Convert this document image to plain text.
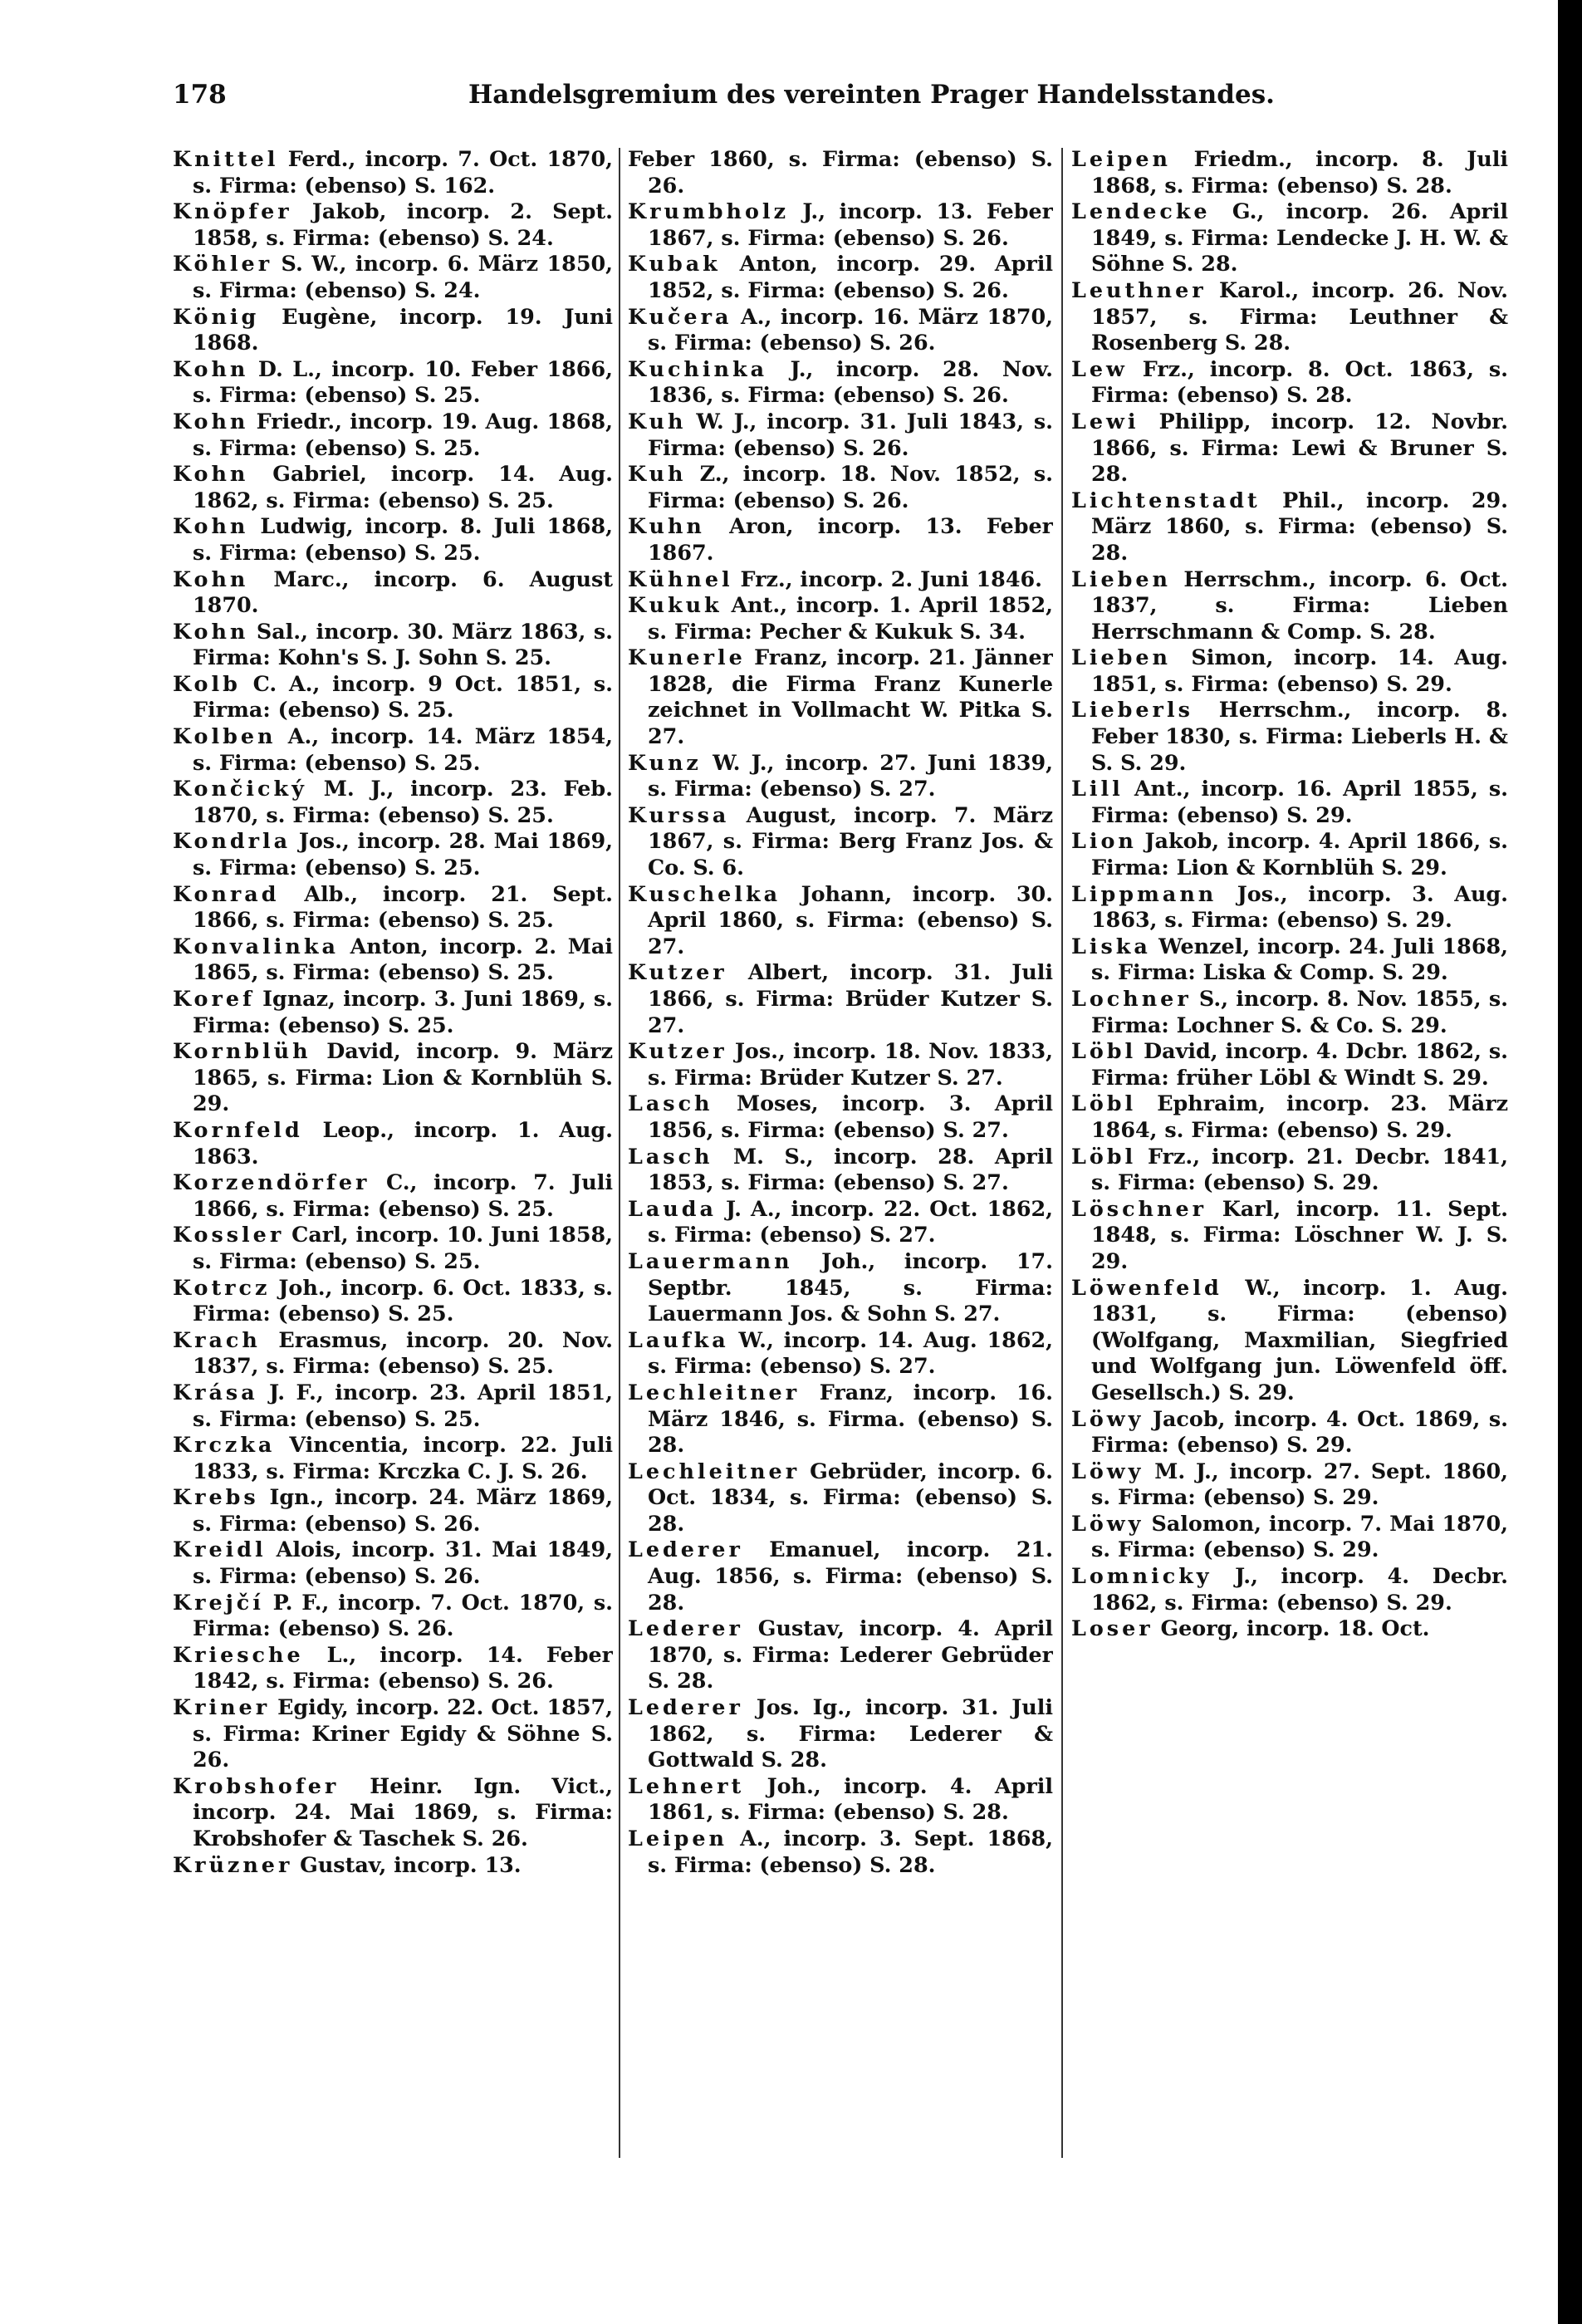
178	Handelsgremium des vereinten Prager Handelsstandes.

Knittel Ferd., incorp. 7. Oct. 1870, s. Firma: (ebenso) S. 162.

Knöpfer Jakob, incorp. 2. Sept. 1858, s. Firma: (ebenso) S. 24.

Köhler S. W., incorp. 6. März 1850, s. Firma: (ebenso) S. 24.

König Eugène, incorp. 19. Juni 1868.

Kohn D. L., incorp. 10. Feber 1866, s. Firma: (ebenso) S. 25.

Kohn Friedr., incorp. 19. Aug. 1868, s. Firma: (ebenso) S. 25.

Kohn Gabriel, incorp. 14. Aug. 1862, s. Firma: (ebenso) S. 25.

Kohn Ludwig, incorp. 8. Juli 1868, s. Firma: (ebenso) S. 25.

Kohn Marc., incorp. 6. August 1870.

Kohn Sal., incorp. 30. März 1863, s. Firma: Kohn's S. J. Sohn S. 25.

Kolb C. A., incorp. 9 Oct. 1851, s. Firma: (ebenso) S. 25.

Kolben A., incorp. 14. März 1854, s. Firma: (ebenso) S. 25.

Končický M. J., incorp. 23. Feb. 1870, s. Firma: (ebenso) S. 25.

Kondrla Jos., incorp. 28. Mai 1869, s. Firma: (ebenso) S. 25.

Konrad Alb., incorp. 21. Sept. 1866, s. Firma: (ebenso) S. 25.

Konvalinka Anton, incorp. 2. Mai 1865, s. Firma: (ebenso) S. 25.

Koref Ignaz, incorp. 3. Juni 1869, s. Firma: (ebenso) S. 25.

Kornblüh David, incorp. 9. März 1865, s. Firma: Lion & Kornblüh S. 29.

Kornfeld Leop., incorp. 1. Aug. 1863.

Korzendörfer C., incorp. 7. Juli 1866, s. Firma: (ebenso) S. 25.

Kossler Carl, incorp. 10. Juni 1858, s. Firma: (ebenso) S. 25.

Kotrcz Joh., incorp. 6. Oct. 1833, s. Firma: (ebenso) S. 25.

Krach Erasmus, incorp. 20. Nov. 1837, s. Firma: (ebenso) S. 25.

Krása J. F., incorp. 23. April 1851, s. Firma: (ebenso) S. 25.

Krczka Vincentia, incorp. 22. Juli 1833, s. Firma: Krczka C. J. S. 26.

Krebs Ign., incorp. 24. März 1869, s. Firma: (ebenso) S. 26.

Kreidl Alois, incorp. 31. Mai 1849, s. Firma: (ebenso) S. 26.

Krejčí P. F., incorp. 7. Oct. 1870, s. Firma: (ebenso) S. 26.

Kriesche L., incorp. 14. Feber 1842, s. Firma: (ebenso) S. 26.

Kriner Egidy, incorp. 22. Oct. 1857, s. Firma: Kriner Egidy & Söhne S. 26.

Krobshofer Heinr. Ign. Vict., incorp. 24. Mai 1869, s. Firma: Krobshofer & Taschek S. 26.

Krüzner Gustav, incorp. 13.

Feber 1860, s. Firma: (ebenso) S. 26.

Krumbholz J., incorp. 13. Feber 1867, s. Firma: (ebenso) S. 26.

Kubak Anton, incorp. 29. April 1852, s. Firma: (ebenso) S. 26.

Kučera A., incorp. 16. März 1870, s. Firma: (ebenso) S. 26.

Kuchinka J., incorp. 28. Nov. 1836, s. Firma: (ebenso) S. 26.

Kuh W. J., incorp. 31. Juli 1843, s. Firma: (ebenso) S. 26.

Kuh Z., incorp. 18. Nov. 1852, s. Firma: (ebenso) S. 26.

Kuhn Aron, incorp. 13. Feber 1867.

Kühnel Frz., incorp. 2. Juni 1846.

Kukuk Ant., incorp. 1. April 1852, s. Firma: Pecher & Kukuk S. 34.

Kunerle Franz, incorp. 21. Jänner 1828, die Firma Franz Kunerle zeichnet in Vollmacht W. Pitka S. 27.

Kunz W. J., incorp. 27. Juni 1839, s. Firma: (ebenso) S. 27.

Kurssa August, incorp. 7. März 1867, s. Firma: Berg Franz Jos. & Co. S. 6.

Kuschelka Johann, incorp. 30. April 1860, s. Firma: (ebenso) S. 27.

Kutzer Albert, incorp. 31. Juli 1866, s. Firma: Brüder Kutzer S. 27.

Kutzer Jos., incorp. 18. Nov. 1833, s. Firma: Brüder Kutzer S. 27.

Lasch Moses, incorp. 3. April 1856, s. Firma: (ebenso) S. 27.

Lasch M. S., incorp. 28. April 1853, s. Firma: (ebenso) S. 27.

Lauda J. A., incorp. 22. Oct. 1862, s. Firma: (ebenso) S. 27.

Lauermann Joh., incorp. 17. Septbr. 1845, s. Firma: Lauermann Jos. & Sohn S. 27.

Laufka W., incorp. 14. Aug. 1862, s. Firma: (ebenso) S. 27.

Lechleitner Franz, incorp. 16. März 1846, s. Firma. (ebenso) S. 28.

Lechleitner Gebrüder, incorp. 6. Oct. 1834, s. Firma: (ebenso) S. 28.

Lederer Emanuel, incorp. 21. Aug. 1856, s. Firma: (ebenso) S. 28.

Lederer Gustav, incorp. 4. April 1870, s. Firma: Lederer Gebrüder S. 28.

Lederer Jos. Ig., incorp. 31. Juli 1862, s. Firma: Lederer & Gottwald S. 28.

Lehnert Joh., incorp. 4. April 1861, s. Firma: (ebenso) S. 28.

Leipen A., incorp. 3. Sept. 1868, s. Firma: (ebenso) S. 28.

Leipen Friedm., incorp. 8. Juli 1868, s. Firma: (ebenso) S. 28.

Lendecke G., incorp. 26. April 1849, s. Firma: Lendecke J. H. W. & Söhne S. 28.

Leuthner Karol., incorp. 26. Nov. 1857, s. Firma: Leuthner & Rosenberg S. 28.

Lew Frz., incorp. 8. Oct. 1863, s. Firma: (ebenso) S. 28.

Lewi Philipp, incorp. 12. Novbr. 1866, s. Firma: Lewi & Bruner S. 28.

Lichtenstadt Phil., incorp. 29. März 1860, s. Firma: (ebenso) S. 28.

Lieben Herrschm., incorp. 6. Oct. 1837, s. Firma: Lieben Herrschmann & Comp. S. 28.

Lieben Simon, incorp. 14. Aug. 1851, s. Firma: (ebenso) S. 29.

Lieberls Herrschm., incorp. 8. Feber 1830, s. Firma: Lieberls H. & S. S. 29.

Lill Ant., incorp. 16. April 1855, s. Firma: (ebenso) S. 29.

Lion Jakob, incorp. 4. April 1866, s. Firma: Lion & Kornblüh S. 29.

Lippmann Jos., incorp. 3. Aug. 1863, s. Firma: (ebenso) S. 29.

Liska Wenzel, incorp. 24. Juli 1868, s. Firma: Liska & Comp. S. 29.

Lochner S., incorp. 8. Nov. 1855, s. Firma: Lochner S. & Co. S. 29.

Löbl David, incorp. 4. Dcbr. 1862, s. Firma: früher Löbl & Windt S. 29.

Löbl Ephraim, incorp. 23. März 1864, s. Firma: (ebenso) S. 29.

Löbl Frz., incorp. 21. Decbr. 1841, s. Firma: (ebenso) S. 29.

Löschner Karl, incorp. 11. Sept. 1848, s. Firma: Löschner W. J. S. 29.

Löwenfeld W., incorp. 1. Aug. 1831, s. Firma: (ebenso) (Wolfgang, Maxmilian, Siegfried und Wolfgang jun. Löwenfeld öff. Gesellsch.) S. 29.

Löwy Jacob, incorp. 4. Oct. 1869, s. Firma: (ebenso) S. 29.

Löwy M. J., incorp. 27. Sept. 1860, s. Firma: (ebenso) S. 29.

Löwy Salomon, incorp. 7. Mai 1870, s. Firma: (ebenso) S. 29.

Lomnicky J., incorp. 4. Decbr. 1862, s. Firma: (ebenso) S. 29.

Loser Georg, incorp. 18. Oct.
